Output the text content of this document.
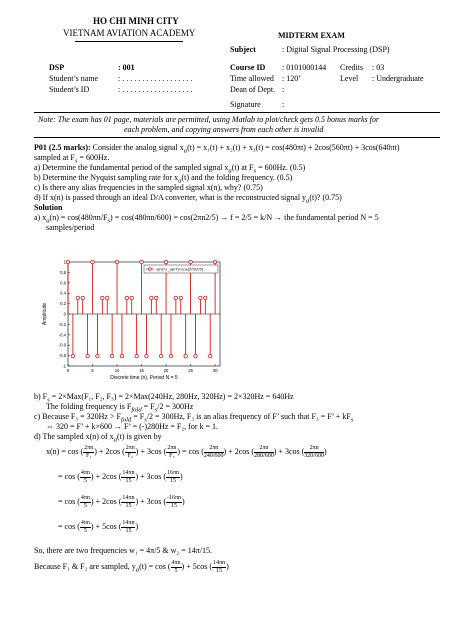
HO CHI MINH CITY
VIETNAM AVIATION ACADEMY	MIDTERM EXAM
DSP	: 001
Student’s name : . . . . . . . . . . . . . . . . . .
Student’s ID	: . . . . . . . . . . . . . . . . . .
Subject	: Digital Signal Processing (DSP)
Course ID : 0101000144 Credits : 03
Time allowed : 120’	Level : Undergraduate
Dean of Dept. :
Signature	:
Note: The exam has 01 page, materials are permitted, using Matlab to plot/check gets 0.5 bonus marks for
each problem, and copying answers from each other is invalid
P01 (2.5 marks): Consider the analog signal $x_a(t) = x_1(t) + x_2(t) + x_3(t) = \cos(480\pi t) + 2\cos(560\pi t) + 3\cos(640\pi t)$
sampled at $F_s = 600Hz$.
a) Determine the fundamental period of the sampled signal $x_a(t)$ at $F_s = 600Hz$. (0.5)
b) Determine the Nyquist sampling rate for $x_a(t)$ and the folding frequency. (0.5)
c) Is there any alias frequencies in the sampled signal x(n), why? (0.75)
d) If x(n) is passed through an ideal D/A converter, what is the reconstructed signal $y_a(t)$? (0.75)
Solution
a) $x_a(n) = \cos(480\pi n/F_s) = \cos(480\pi n/600) = \cos(2\pi n2/5) \to f = 2/5 = k/N$ → the fundamental period N = 5
samples/period
-1
-0.8
-0.6
-0.4
-0.2
0
0.2
0.4
0.6
0.8
1
0	5	10	15	20	25	30
x(n)=x_a(nT)=cos(2πn2/5)
Discrete time (n), Period N = 5
Amplitude
b) $F_s = 2\times Max(F_1$, F₂, F₃) = 2×Max(240Hz, 280Hz, 320Hz) = 2×320Hz = 640Hz
The folding frequency is $F_{fold} = F_s/2 = 300Hz$
c) Because $F_3 = 320Hz > F_{fold} = F_s/2 = 300Hz$, F₃ is an alias frequency of F’ such that F₃ = F’ + $kF_s$
⇔ 320 = F’ + k×600 → F’ = (-)280Hz = F₂, for k = 1.
d) The sampled x(n) of $x_a(t)$ is given by
x(n) = cos ( $\frac{2\pi n}{\text{F₁}}$ ) + 2cos ( $\frac{2\pi n}{\text{F₂}}$ ) + 3cos ( $\frac{2\pi n}{\text{F₃}}$ ) = cos ( $\frac{2\pi n}{240/600}$ ) + 2cos ( $\frac{2\pi n}{280/600}$ ) + 3cos ( $\frac{2\pi n}{320/600}$ )
= cos ( $\frac{4\pi n}{5}$ ) + 2cos ( $\frac{14\pi n}{15}$ ) + 3cos ( $\frac{16\pi n}{15}$ )
= cos ( $\frac{4\pi n}{5}$ ) + 2cos ( $\frac{14\pi n}{15}$ ) + 3cos ( $\frac{-16\pi n}{15}$ )
= cos ( $\frac{4\pi n}{5}$ ) + 5cos ( $\frac{14\pi n}{15}$ )
So, there are two frequencies w₁ = 4π/5 & w₂ = 14π/15.
Because F₁ & F₂ are sampled, $y_a(t) = \cos$ ( $\frac{4\pi n}{5}$ ) + 5cos ( $\frac{14\pi n}{15}$ )
